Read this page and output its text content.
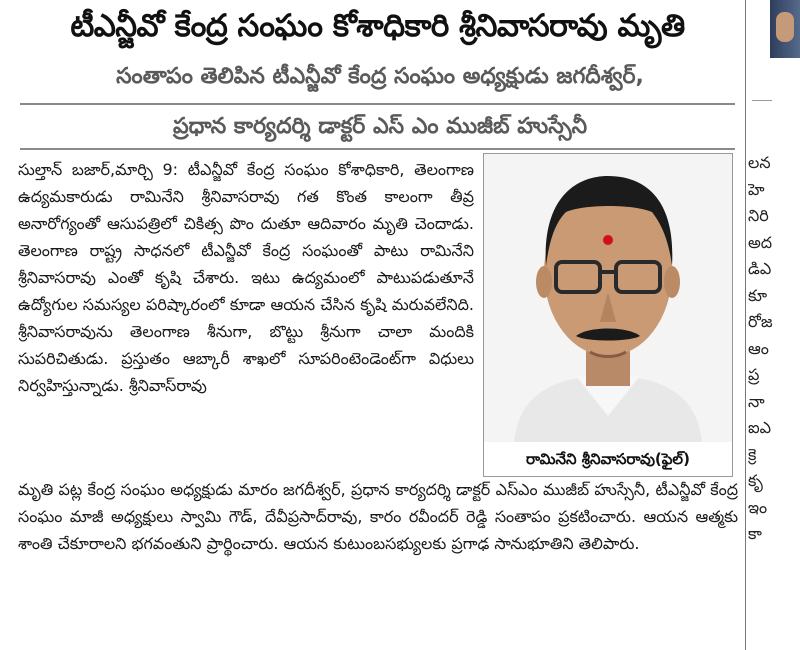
టీఎన్జీవో కేంద్ర సంఘం కోశాధికారి శ్రీనివాసరావు మృతి
సంతాపం తెలిపిన టీఎన్జీవో కేంద్ర సంఘం అధ్యక్షుడు జగదీశ్వర్,
ప్రధాన కార్యదర్శి డాక్టర్ ఎస్ ఎం ముజీబ్ హుస్సేనీ

సుల్తాన్ బజార్,మార్చి 9: టీఎన్జీవో కేంద్ర సంఘం కోశాధికారి, తెలంగాణ ఉద్యమకారుడు రామినేని శ్రీనివాసరావు గత కొంత కాలంగా తీవ్ర అనారోగ్యంతో ఆసుపత్రిలో చికిత్స పొం దుతూ ఆదివారం మృతి చెందాడు. తెలంగాణ రాష్ట్ర సాధనలో టీఎన్జీవో కేంద్ర సంఘంతో పాటు రామినేని శ్రీనివాసరావు ఎంతో కృషి చేశారు. ఇటు ఉద్యమంలో పాటుపడుతూనే ఉద్యోగుల సమస్యల పరిష్కారంలో కూడా ఆయన చేసిన కృషి మరువలేనిది. శ్రీనివాసరావును తెలంగాణ శీనుగా, బొట్టు శ్రీనుగా చాలా మందికి సుపరిచితుడు. ప్రస్తుతం ఆబ్కారీ శాఖలో సూపరింటెండెంట్‌గా విధులు నిర్వహిస్తున్నాడు. శ్రీనివాస్‌రావు

రామినేని శ్రీనివాసరావు(ఫైల్)

మృతి పట్ల కేంద్ర సంఘం అధ్యక్షుడు మారం జగదీశ్వర్, ప్రధాన కార్యదర్శి డాక్టర్ ఎస్‌ఎం ముజీబ్ హుస్సేనీ, టీఎన్జీవో కేంద్ర సంఘం మాజీ అధ్యక్షులు స్వామి గౌడ్, దేవీప్రసాద్‌రావు, కారం రవీందర్ రెడ్డి సంతాపం ప్రకటించారు. ఆయన ఆత్మకు శాంతి చేకూరాలని భగవంతుని ప్రార్థించారు. ఆయన కుటుంబసభ్యులకు ప్రగాఢ సానుభూతిని తెలిపారు.

లన
హె
నిరి
అద
డిఎ
కూ
రోజ
ఆం
ప్ర
నా
ఐఎ
క్రె
కృ
ఇం
కా
